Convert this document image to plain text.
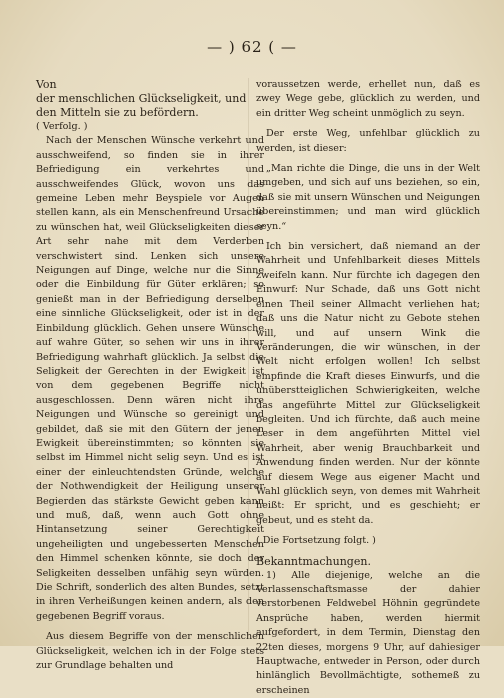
— ) 62 ( —

Von

der menschlichen Glückseligkeit, und

den Mitteln sie zu befördern.

( Verfolg. )

Nach der Menschen Wünsche verkehrt und ausschweifend, so finden sie in ihrer Befriedigung ein verkehrtes und ausschweifendes Glück, wovon uns das gemeine Leben mehr Beyspiele vor Augen stellen kann, als ein Menschenfreund Ursache zu wünschen hat, weil Glückseligkeiten dieser Art sehr nahe mit dem Verderben verschwistert sind. Lenken sich unsere Neigungen auf Dinge, welche nur die Sinne oder die Einbildung für Güter erklären; so genießt man in der Befriedigung derselben eine sinnliche Glückseligkeit, oder ist in der Einbildung glücklich. Gehen unsere Wünsche auf wahre Güter, so sehen wir uns in ihrer Befriedigung wahrhaft glücklich. Ja selbst die Seligkeit der Gerechten in der Ewigkeit ist von dem gegebenen Begriffe nicht ausgeschlossen. Denn wären nicht ihre Neigungen und Wünsche so gereinigt und gebildet, daß sie mit den Gütern der jenen Ewigkeit übereinstimmten; so könnten sie selbst im Himmel nicht selig seyn. Und es ist einer der einleuchtendsten Gründe, welche der Nothwendigkeit der Heiligung unserer Begierden das stärkste Gewicht geben kann und muß, daß, wenn auch Gott ohne Hintansetzung seiner Gerechtigkeit ungeheiligten und ungebesserten Menschen den Himmel schenken könnte, sie doch der Seligkeiten desselben unfähig seyn würden. Die Schrift, sonderlich des alten Bundes, setzt in ihren Verheißungen keinen andern, als den gegebenen Begriff voraus.

Aus diesem Begriffe von der menschlichen Glückseligkeit, welchen ich in der Folge stets zur Grundlage behalten und

voraussetzen werde, erhellet nun, daß es zwey Wege gebe, glücklich zu werden, und ein dritter Weg scheint unmöglich zu seyn.

Der erste Weg, unfehlbar glücklich zu werden, ist dieser:

„Man richte die Dinge, die uns in der Welt umgeben, und sich auf uns beziehen, so ein, daß sie mit unsern Wünschen und Neigungen übereinstimmen; und man wird glücklich seyn.“

Ich bin versichert, daß niemand an der Wahrheit und Unfehlbarkeit dieses Mittels zweifeln kann. Nur fürchte ich dagegen den Einwurf: Nur Schade, daß uns Gott nicht einen Theil seiner Allmacht verliehen hat; daß uns die Natur nicht zu Gebote stehen will, und auf unsern Wink die Veränderungen, die wir wünschen, in der Welt nicht erfolgen wollen! Ich selbst empfinde die Kraft dieses Einwurfs, und die unüberstteiglichen Schwierigkeiten, welche das angeführte Mittel zur Glückseligkeit begleiten. Und ich fürchte, daß auch meine Leser in dem angeführten Mittel viel Wahrheit, aber wenig Brauchbarkeit und Anwendung finden werden. Nur der könnte auf diesem Wege aus eigener Macht und Wahl glücklich seyn, von demes mit Wahrheit heißt: Er spricht, und es geschieht; er gebeut, und es steht da.

( Die Fortsetzung folgt. )

Bekanntmachungen.

1) Alle diejenige, welche an die Verlassenschaftsmasse der dahier verstorbenen Feldwebel Höhnin gegründete Ansprüche haben, werden hiermit aufgefordert, in dem Termin, Dienstag den 22ten dieses, morgens 9 Uhr, auf dahiesiger Hauptwache, entweder in Person, oder durch hinlänglich Bevollmächtigte, sothemeß zu erscheinen
